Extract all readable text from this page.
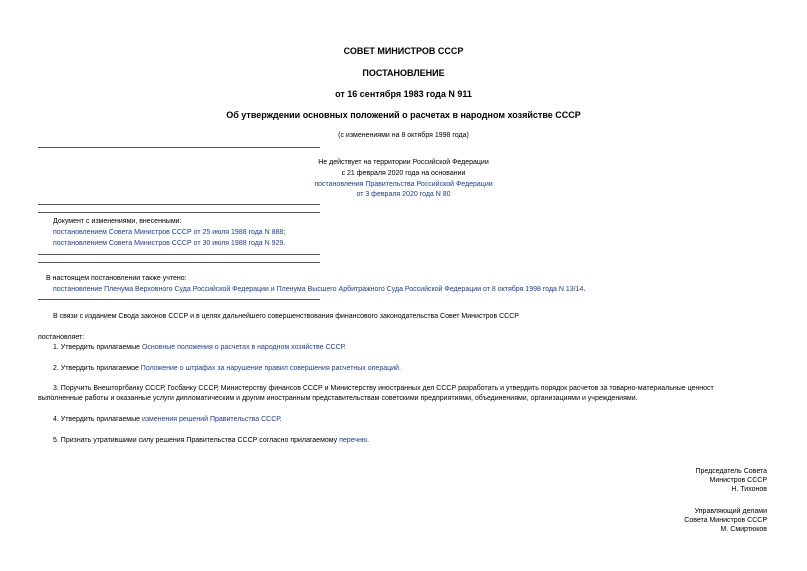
СОВЕТ МИНИСТРОВ СССР
ПОСТАНОВЛЕНИЕ
от 16 сентября 1983 года N 911
Об утверждении основных положений о расчетах в народном хозяйстве СССР
(с изменениями на 8 октября 1998 года)
Не действует на территории Российской Федерации
с 21 февраля 2020 года на основании
постановления Правительства Российской Федерации
от 3 февраля 2020 года N 80
Документ с изменениями, внесенными:
постановлением Совета Министров СССР от 25 июля 1988 года N 888;
постановлением Совета Министров СССР от 30 июля 1988 года N 929.
В настоящем постановлении также учтено:
постановление Пленума Верховного Суда Российской Федерации и Пленума Высшего Арбитражного Суда Российской Федерации от 8 октября 1998 года N 13/14.
В связи с изданием Свода законов СССР и в целях дальнейшего совершенствования финансового законодательства Совет Министров СССР
постановляет:
1. Утвердить прилагаемые Основные положения о расчетах в народном хозяйстве СССР.
2. Утвердить прилагаемое Положение о штрафах за нарушение правил совершения расчетных операций.
3. Поручить Внешторгбанку СССР, Госбанку СССР, Министерству финансов СССР и Министерству иностранных дел СССР разработать и утвердить порядок расчетов за товарно-материальные ценност
выполненные работы и оказанные услуги дипломатическим и другим иностранным представительствам советскими предприятиями, объединениями, организациями и учреждениями.
4. Утвердить прилагаемые изменения решений Правительства СССР.
5. Признать утратившими силу решения Правительства СССР согласно прилагаемому перечню.
Председатель Совета
Министров СССР
Н. Тихонов
Управляющий делами
Совета Министров СССР
М. Смиртюков
